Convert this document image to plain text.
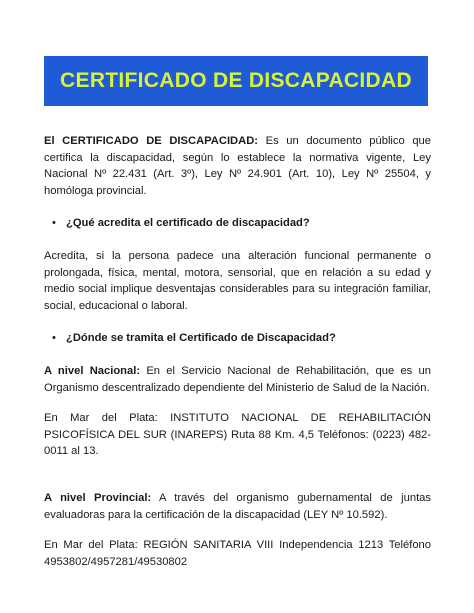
CERTIFICADO DE DISCAPACIDAD

El CERTIFICADO DE DISCAPACIDAD: Es un documento público que certifica la discapacidad, según lo establece la normativa vigente, Ley Nacional Nº 22.431 (Art. 3º), Ley Nº 24.901 (Art. 10), Ley Nº 25504, y homóloga provincial.

• ¿Qué acredita el certificado de discapacidad?

Acredita, si la persona padece una alteración funcional permanente o prolongada, física, mental, motora, sensorial, que en relación a su edad y medio social implique desventajas considerables para su integración familiar, social, educacional o laboral.

• ¿Dónde se tramita el Certificado de Discapacidad?

A nivel Nacional: En el Servicio Nacional de Rehabilitación, que es un Organismo descentralizado dependiente del Ministerio de Salud de la Nación.

En Mar del Plata: INSTITUTO NACIONAL DE REHABILITACIÓN PSICOFÍSICA DEL SUR (INAREPS) Ruta 88 Km. 4,5 Teléfonos: (0223) 482-0011 al 13.

A nivel Provincial: A través del organismo gubernamental de juntas evaluadoras para la certificación de la discapacidad (LEY Nº 10.592).

En Mar del Plata: REGIÓN SANITARIA VIII Independencia 1213 Teléfono 4953802/4957281/49530802
